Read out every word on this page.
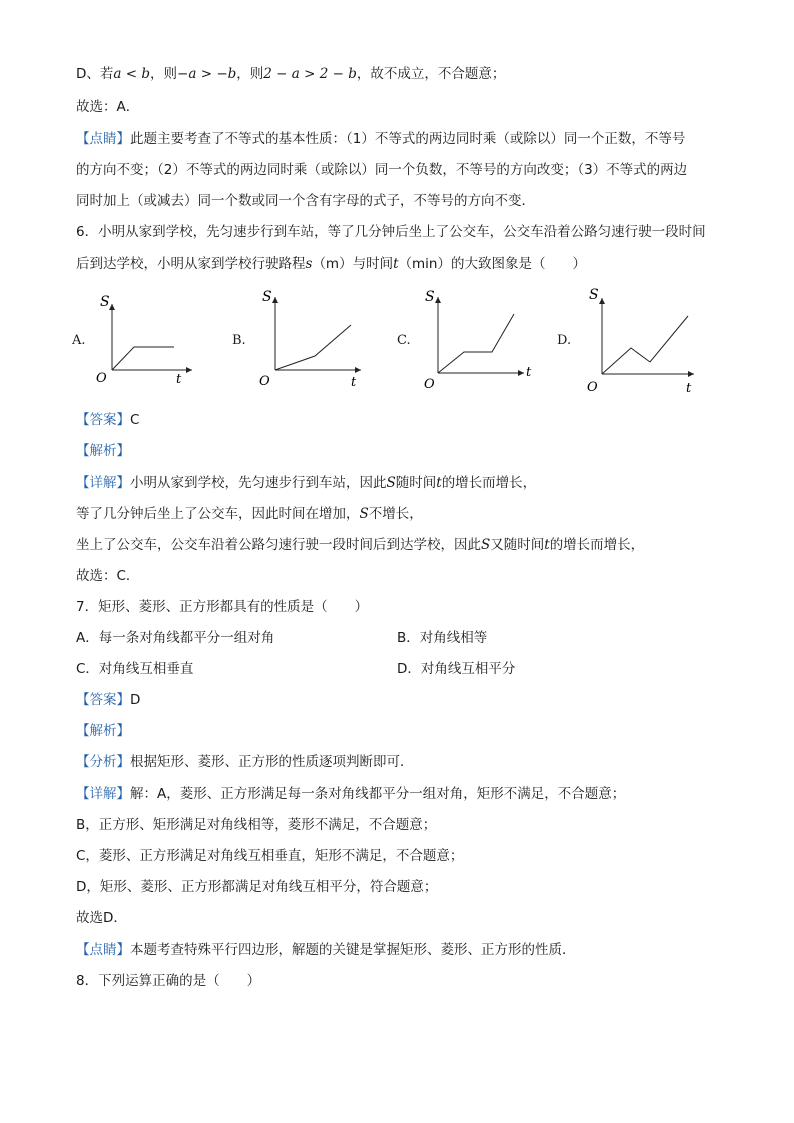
D、若a < b，则−a > −b，则2 − a > 2 − b，故不成立，不合题意；
故选：A．
【点睛】此题主要考查了不等式的基本性质：（1）不等式的两边同时乘（或除以）同一个正数，不等号
的方向不变；（2）不等式的两边同时乘（或除以）同一个负数，不等号的方向改变；（3）不等式的两边
同时加上（或减去）同一个数或同一个含有字母的式子，不等号的方向不变．
6．小明从家到学校，先匀速步行到车站，等了几分钟后坐上了公交车，公交车沿着公路匀速行驶一段时间
后到达学校，小明从家到学校行驶路程s（m）与时间t（min）的大致图象是（　　）
A.
S
t
O
B.
S
t
O
C.
S
t
O
D.
S
t
O
【答案】C
【解析】
【详解】小明从家到学校，先匀速步行到车站，因此S随时间t的增长而增长，
等了几分钟后坐上了公交车，因此时间在增加，S不增长，
坐上了公交车，公交车沿着公路匀速行驶一段时间后到达学校，因此S又随时间t的增长而增长，
故选：C．
7．矩形、菱形、正方形都具有的性质是（　　）
A．每一条对角线都平分一组对角	B．对角线相等
C．对角线互相垂直	D．对角线互相平分
【答案】D
【解析】
【分析】根据矩形、菱形、正方形的性质逐项判断即可．
【详解】解：A，菱形、正方形满足每一条对角线都平分一组对角，矩形不满足，不合题意；
B，正方形、矩形满足对角线相等，菱形不满足，不合题意；
C，菱形、正方形满足对角线互相垂直，矩形不满足，不合题意；
D，矩形、菱形、正方形都满足对角线互相平分，符合题意；
故选D．
【点睛】本题考查特殊平行四边形，解题的关键是掌握矩形、菱形、正方形的性质．
8．下列运算正确的是（　　）
